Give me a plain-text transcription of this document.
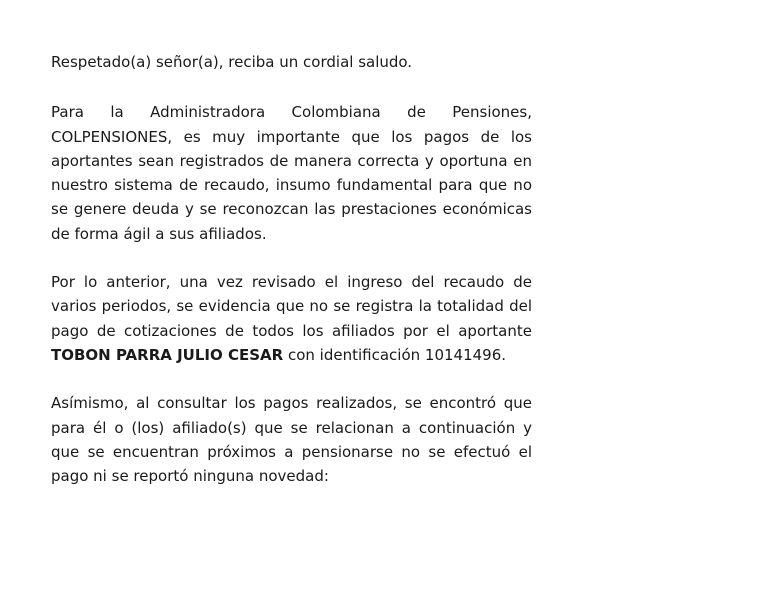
Respetado(a) señor(a), reciba un cordial saludo.

Para la Administradora Colombiana de Pensiones, COLPENSIONES, es muy importante que los pagos de los aportantes sean registrados de manera correcta y oportuna en nuestro sistema de recaudo, insumo fundamental para que no se genere deuda y se reconozcan las prestaciones económicas de forma ágil a sus afiliados.

Por lo anterior, una vez revisado el ingreso del recaudo de varios periodos, se evidencia que no se registra la totalidad del pago de cotizaciones de todos los afiliados por el aportante TOBON PARRA JULIO CESAR con identificación 10141496.

Asímismo, al consultar los pagos realizados, se encontró que para él o (los) afiliado(s) que se relacionan a continuación y que se encuentran próximos a pensionarse no se efectuó el pago ni se reportó ninguna novedad:
